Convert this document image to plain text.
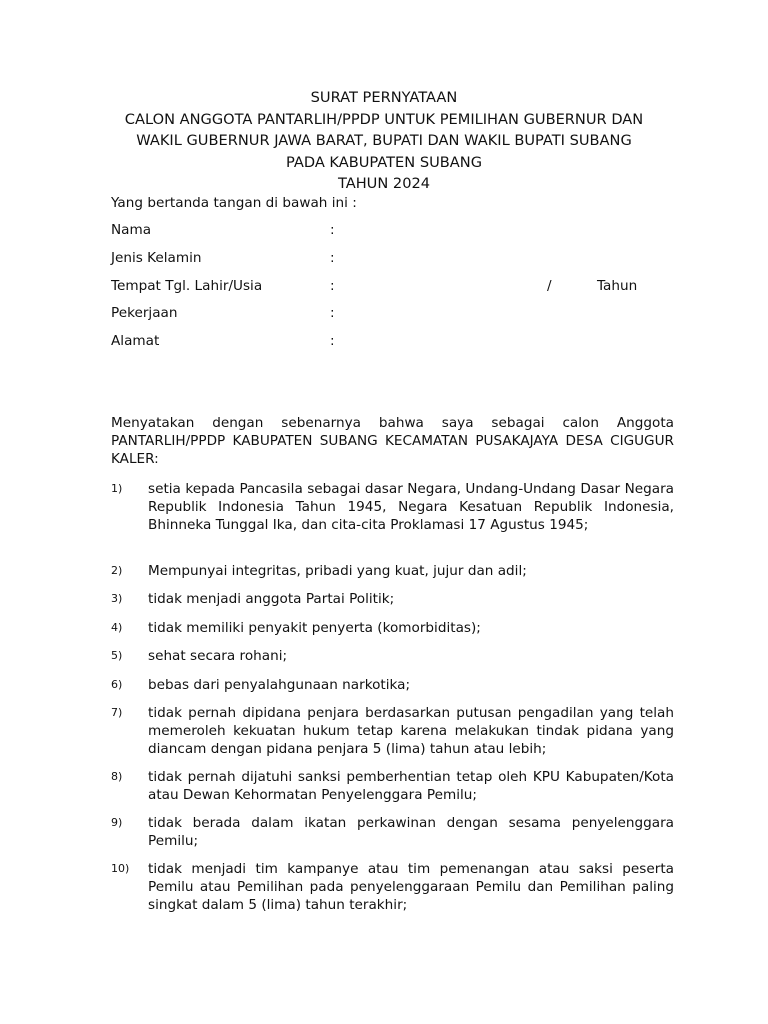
SURAT PERNYATAAN
CALON ANGGOTA PANTARLIH/PPDP UNTUK PEMILIHAN GUBERNUR DAN
WAKIL GUBERNUR JAWA BARAT, BUPATI DAN WAKIL BUPATI SUBANG
PADA KABUPATEN SUBANG
TAHUN 2024
Yang bertanda tangan di bawah ini :
Nama	:
Jenis Kelamin	:
Tempat Tgl. Lahir/Usia	:	/	Tahun
Pekerjaan	:
Alamat	:
Menyatakan dengan sebenarnya bahwa saya sebagai calon Anggota PANTARLIH/PPDP KABUPATEN SUBANG KECAMATAN PUSAKAJAYA DESA CIGUGUR KALER:
1) setia kepada Pancasila sebagai dasar Negara, Undang-Undang Dasar Negara Republik Indonesia Tahun 1945, Negara Kesatuan Republik Indonesia, Bhinneka Tunggal Ika, dan cita-cita Proklamasi 17 Agustus 1945;
2) Mempunyai integritas, pribadi yang kuat, jujur dan adil;
3) tidak menjadi anggota Partai Politik;
4) tidak memiliki penyakit penyerta (komorbiditas);
5) sehat secara rohani;
6) bebas dari penyalahgunaan narkotika;
7) tidak pernah dipidana penjara berdasarkan putusan pengadilan yang telah memeroleh kekuatan hukum tetap karena melakukan tindak pidana yang diancam dengan pidana penjara 5 (lima) tahun atau lebih;
8) tidak pernah dijatuhi sanksi pemberhentian tetap oleh KPU Kabupaten/Kota atau Dewan Kehormatan Penyelenggara Pemilu;
9) tidak berada dalam ikatan perkawinan dengan sesama penyelenggara Pemilu;
10) tidak menjadi tim kampanye atau tim pemenangan atau saksi peserta Pemilu atau Pemilihan pada penyelenggaraan Pemilu dan Pemilihan paling singkat dalam 5 (lima) tahun terakhir;
